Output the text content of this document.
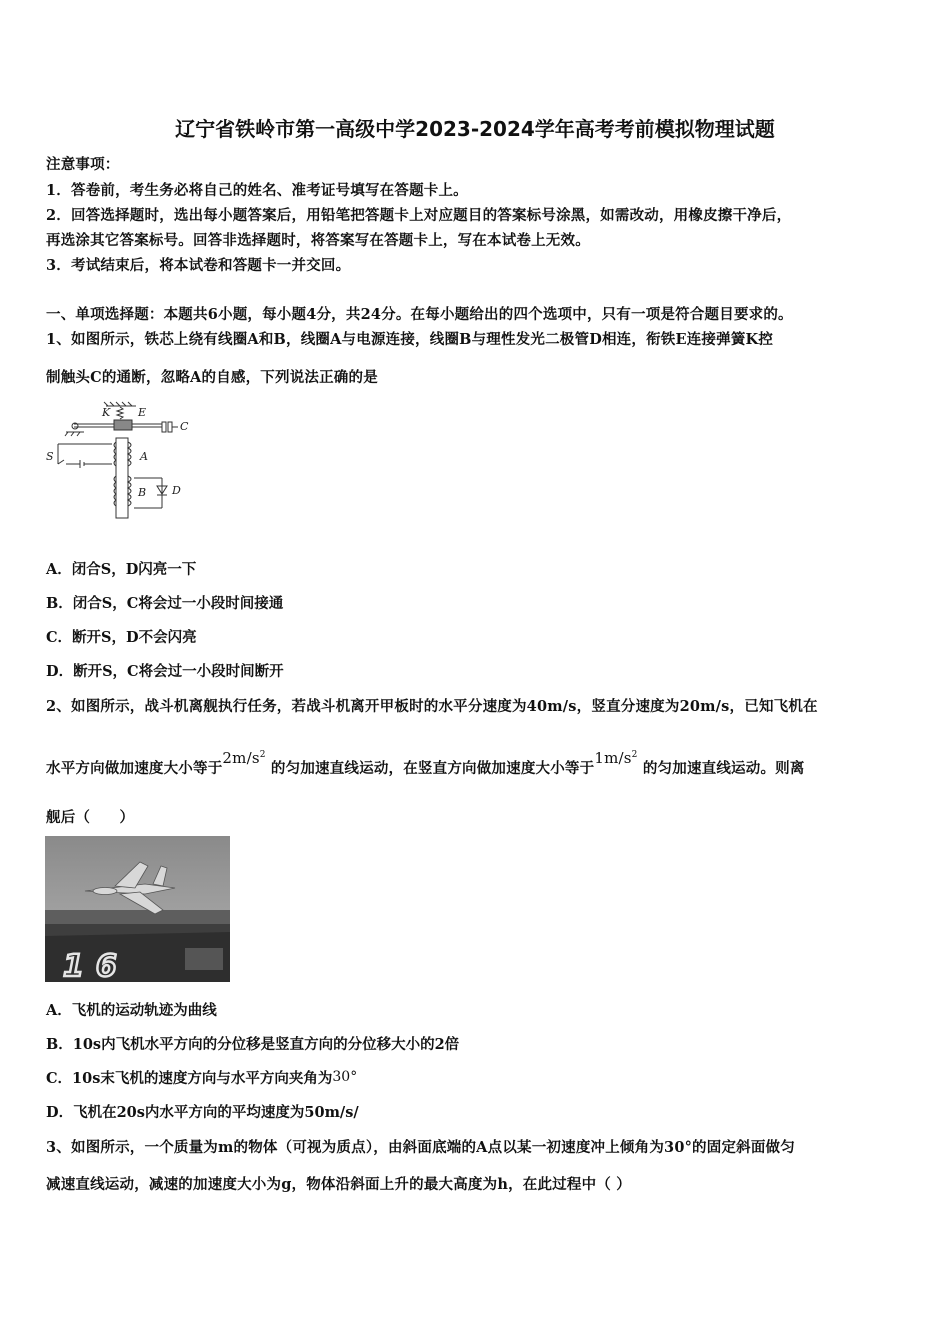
辽宁省铁岭市第一高级中学2023-2024学年高考考前模拟物理试题
注意事项：
1．答卷前，考生务必将自己的姓名、准考证号填写在答题卡上。
2．回答选择题时，选出每小题答案后，用铅笔把答题卡上对应题目的答案标号涂黑，如需改动，用橡皮擦干净后，
再选涂其它答案标号。回答非选择题时，将答案写在答题卡上，写在本试卷上无效。
3．考试结束后，将本试卷和答题卡一并交回。
一、单项选择题：本题共6小题，每小题4分，共24分。在每小题给出的四个选项中，只有一项是符合题目要求的。
1、如图所示，铁芯上绕有线圈A和B，线圈A与电源连接，线圈B与理性发光二极管D相连，衔铁E连接弹簧K控
制触头C的通断，忽略A的自感，下列说法正确的是
K	E
C
S	A
B D
A．闭合S，D闪亮一下
B．闭合S，C将会过一小段时间接通
C．断开S，D不会闪亮
D．断开S，C将会过一小段时间断开
2、如图所示，战斗机离舰执行任务，若战斗机离开甲板时的水平分速度为40m/s，竖直分速度为20m/s，已知飞机在
水平方向做加速度大小等于$2m/s^2$ 的匀加速直线运动，在竖直方向做加速度大小等于$1m/s^2$ 的匀加速直线运动。则离
舰后（　　）
16
A．飞机的运动轨迹为曲线
B．10s内飞机水平方向的分位移是竖直方向的分位移大小的2倍
C．10s末飞机的速度方向与水平方向夹角为30°
D．飞机在20s内水平方向的平均速度为50m/s/
3、如图所示，一个质量为m的物体（可视为质点），由斜面底端的A点以某一初速度冲上倾角为30°的固定斜面做匀
减速直线运动，减速的加速度大小为g，物体沿斜面上升的最大高度为h，在此过程中（ ）
